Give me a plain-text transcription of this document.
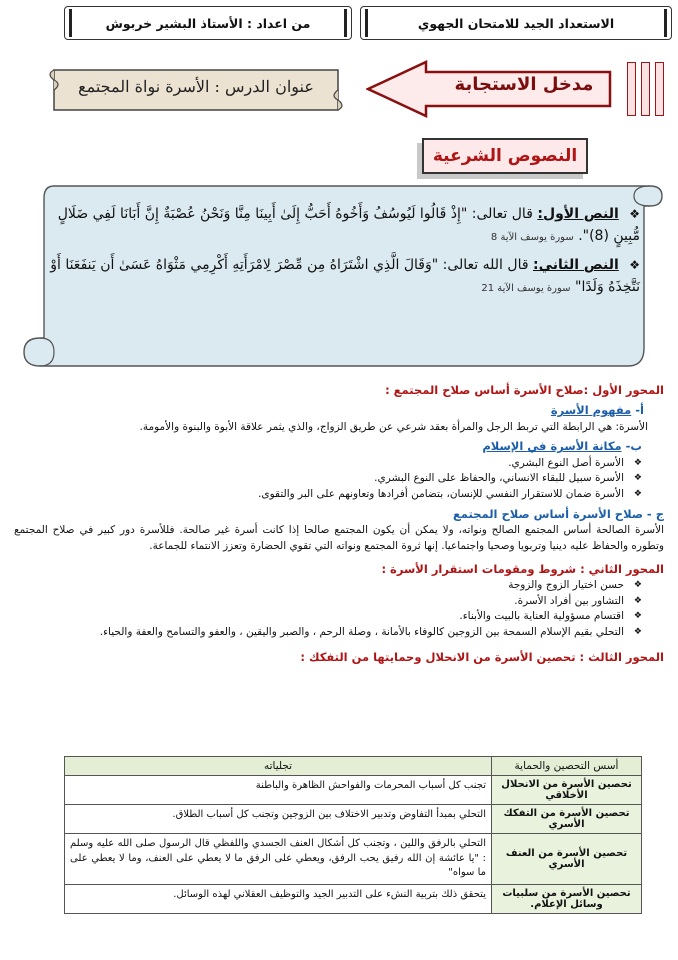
الاستعداد الجيد للامتحان الجهوي
من اعداد : الأستاذ البشير خربوش
مدخل الاستجابة
عنوان الدرس : الأسرة نواة المجتمع
النصوص الشرعية

❖ النص الأول: قال تعالى: "إِذْ قَالُوا لَيُوسُفُ وَأَخُوهُ أَحَبُّ إِلَىٰ أَبِينَا مِنَّا وَنَحْنُ عُصْبَةٌ إِنَّ أَبَانَا لَفِي ضَلَالٍ مُّبِينٍ (8)". سورة يوسف الآية 8

❖ النص الثاني: قال الله تعالى: "وَقَالَ الَّذِي اشْتَرَاهُ مِن مِّصْرَ لِامْرَأَتِهِ أَكْرِمِي مَثْوَاهُ عَسَىٰ أَن يَنفَعَنَا أَوْ نَتَّخِذَهُ وَلَدًا" سورة يوسف الآية 21

المحور الأول :صلاح الأسرة أساس صلاح المجتمع :
أ- مفهوم الأسرة
الأسرة: هي الرابطة التي تربط الرجل والمرأة بعقد شرعي عن طريق الزواج، والذي يثمر علاقة الأبوة والبنوة والأمومة.
ب- مكانة الأسرة في الإسلام
❖ الأسرة أصل النوع البشري.
❖ الأسرة سبيل للبقاء الانساني، والحفاظ على النوع البشري.
❖ الأسرة ضمان للاستقرار النفسي للإنسان، بتضامن أفرادها وتعاونهم على البر والتقوى.
ج - صلاح الأسرة أساس صلاح المجتمع
الأسرة الصالحة أساس المجتمع الصالح ونواته، ولا يمكن أن يكون المجتمع صالحا إذا كانت أسرة غير صالحة. فللأسرة دور كبير في صلاح المجتمع وتطوره والحفاظ عليه دينيا وتربويا وصحيا واجتماعيا. إنها ثروة المجتمع ونواته التي تقوي الحضارة وتعزز الانتماء للجماعة.
المحور الثاني : شروط ومقومات استقرار الأسرة :
❖ حسن اختيار الزوج والزوجة
❖ التشاور بين أفراد الأسرة.
❖ اقتسام مسؤولية العناية بالبيت والأبناء.
❖ التحلي بقيم الإسلام السمحة بين الزوجين كالوفاء بالأمانة ، وصلة الرحم ، والصبر واليقين ، والعفو والتسامح والعفة والحياء.
المحور الثالث : تحصين الأسرة من الانحلال وحمايتها من التفكك :
أسس التحصين والحماية	تجلياته
تحصين الأسرة من الانحلال الأخلاقي	تجنب كل أسباب المحرمات والفواحش الظاهرة والباطنة
تحصين الأسرة من التفكك الأسري	التحلي بمبدأ التفاوض وتدبير الاختلاف بين الزوجين وتجنب كل أسباب الطلاق.
تحصين الأسرة من العنف الأسري	التحلي بالرفق واللين ، وتجنب كل أشكال العنف الجسدي واللفظي قال الرسول صلى الله عليه وسلم : "يا عائشة إن الله رفيق يحب الرفق، ويعطي على الرفق ما لا يعطي على العنف، وما لا يعطي على ما سواه"
تحصين الأسرة من سلبيات وسائل الإعلام.	يتحقق ذلك بتربية النشء على التدبير الجيد والتوظيف العقلاني لهذه الوسائل.
